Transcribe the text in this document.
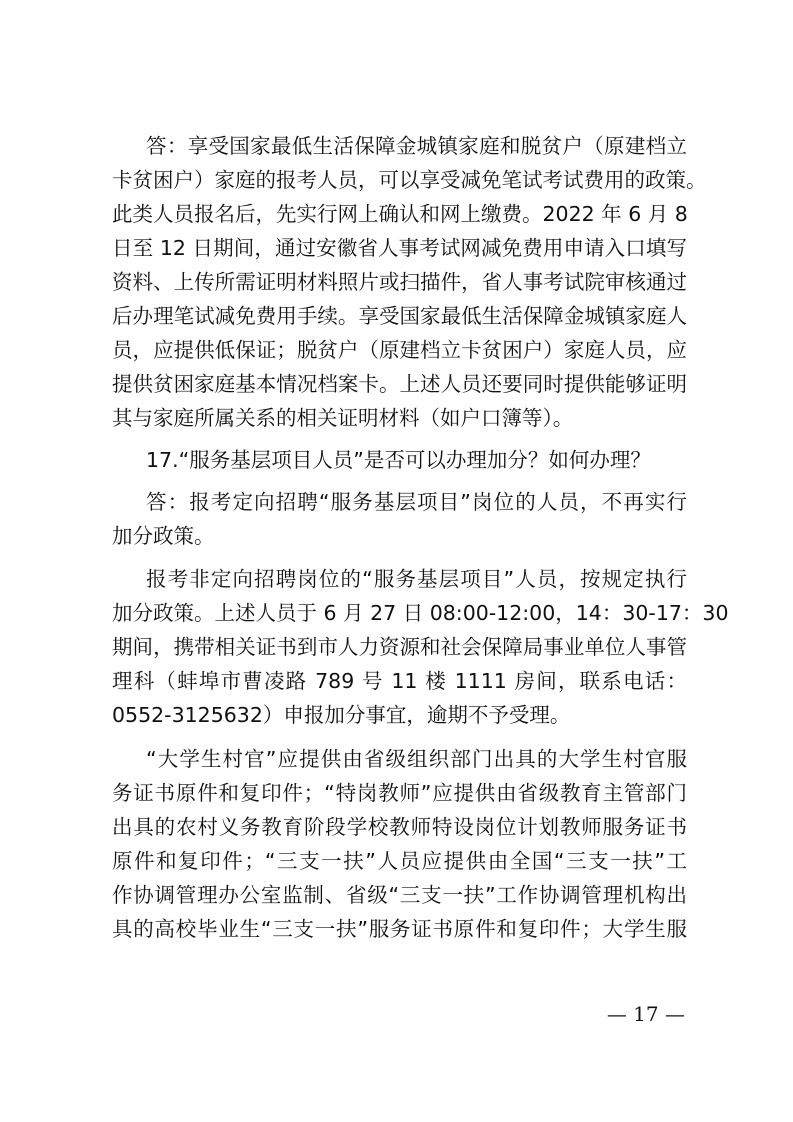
答：享受国家最低生活保障金城镇家庭和脱贫户（原建档立
卡贫困户）家庭的报考人员，可以享受减免笔试考试费用的政策。
此类人员报名后，先实行网上确认和网上缴费。2022 年 6 月 8
日至 12 日期间，通过安徽省人事考试网减免费用申请入口填写
资料、上传所需证明材料照片或扫描件，省人事考试院审核通过
后办理笔试减免费用手续。享受国家最低生活保障金城镇家庭人
员，应提供低保证；脱贫户（原建档立卡贫困户）家庭人员，应
提供贫困家庭基本情况档案卡。上述人员还要同时提供能够证明
其与家庭所属关系的相关证明材料（如户口簿等）。
17.“服务基层项目人员”是否可以办理加分？如何办理？
答：报考定向招聘“服务基层项目”岗位的人员，不再实行
加分政策。
报考非定向招聘岗位的“服务基层项目”人员，按规定执行
加分政策。上述人员于 6 月 27 日 08:00-12:00，14：30-17：30
期间，携带相关证书到市人力资源和社会保障局事业单位人事管
理科（蚌埠市曹凌路 789 号 11 楼 1111 房间，联系电话：
0552-3125632）申报加分事宜，逾期不予受理。
“大学生村官”应提供由省级组织部门出具的大学生村官服
务证书原件和复印件；“特岗教师”应提供由省级教育主管部门
出具的农村义务教育阶段学校教师特设岗位计划教师服务证书
原件和复印件；“三支一扶”人员应提供由全国“三支一扶”工
作协调管理办公室监制、省级“三支一扶”工作协调管理机构出
具的高校毕业生“三支一扶”服务证书原件和复印件；大学生服
— 17 —
